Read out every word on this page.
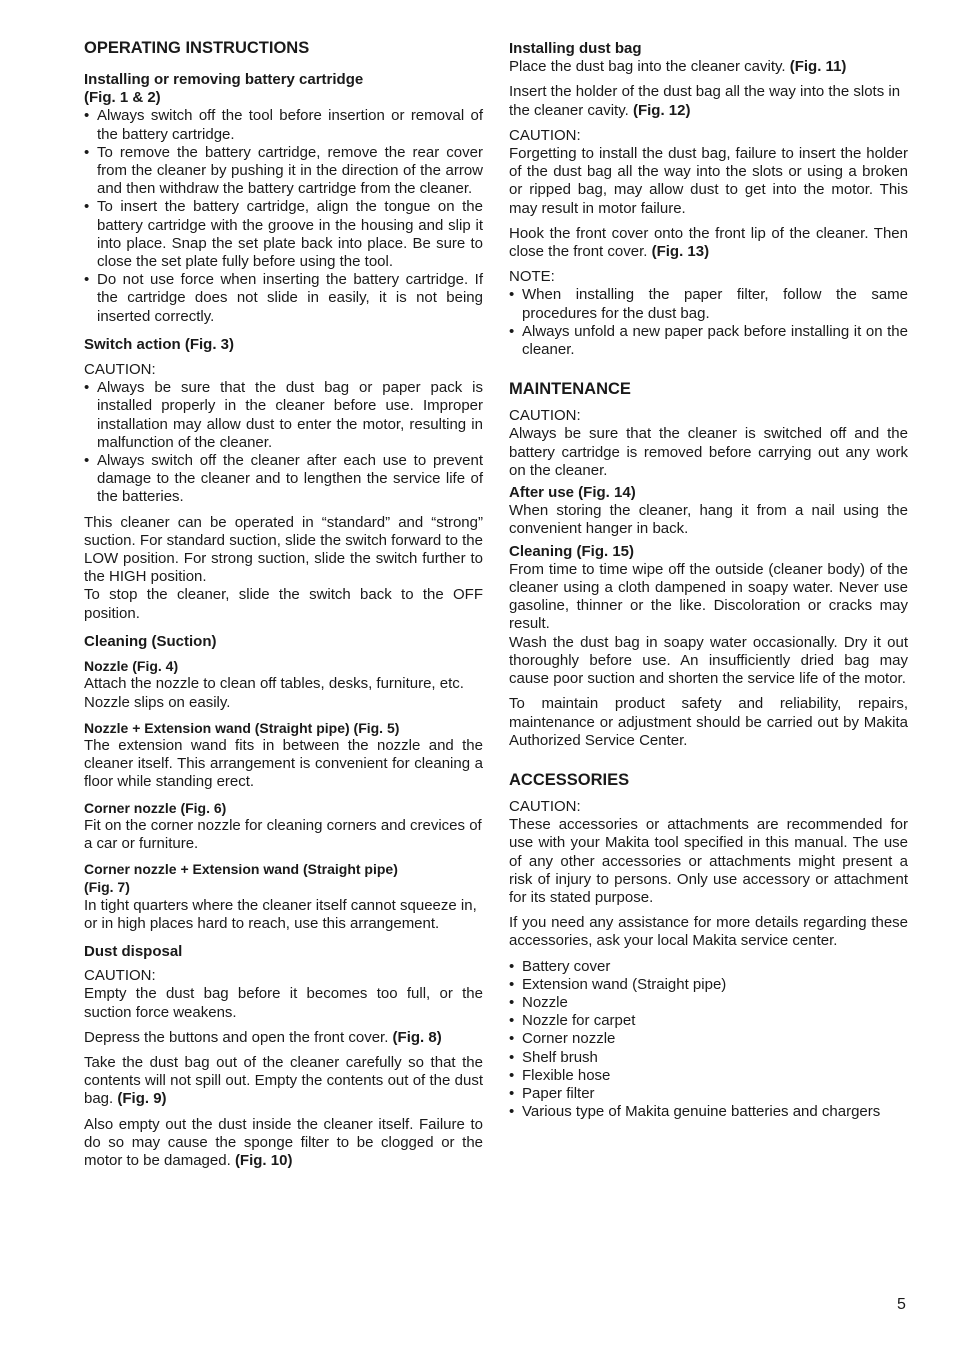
OPERATING INSTRUCTIONS
Installing or removing battery cartridge
(Fig. 1 & 2)
• Always switch off the tool before insertion or removal of the battery cartridge.
• To remove the battery cartridge, remove the rear cover from the cleaner by pushing it in the direction of the arrow and then withdraw the battery cartridge from the cleaner.
• To insert the battery cartridge, align the tongue on the battery cartridge with the groove in the housing and slip it into place. Snap the set plate back into place. Be sure to close the set plate fully before using the tool.
• Do not use force when inserting the battery cartridge. If the cartridge does not slide in easily, it is not being inserted correctly.
Switch action (Fig. 3)
CAUTION:
• Always be sure that the dust bag or paper pack is installed properly in the cleaner before use. Improper installation may allow dust to enter the motor, resulting in malfunction of the cleaner.
• Always switch off the cleaner after each use to prevent damage to the cleaner and to lengthen the service life of the batteries.
This cleaner can be operated in “standard” and “strong” suction. For standard suction, slide the switch forward to the LOW position. For strong suction, slide the switch further to the HIGH position.
To stop the cleaner, slide the switch back to the OFF position.
Cleaning (Suction)
Nozzle (Fig. 4)
Attach the nozzle to clean off tables, desks, furniture, etc. Nozzle slips on easily.
Nozzle + Extension wand (Straight pipe) (Fig. 5)
The extension wand fits in between the nozzle and the cleaner itself. This arrangement is convenient for cleaning a floor while standing erect.
Corner nozzle (Fig. 6)
Fit on the corner nozzle for cleaning corners and crevices of a car or furniture.
Corner nozzle + Extension wand (Straight pipe)
(Fig. 7)
In tight quarters where the cleaner itself cannot squeeze in, or in high places hard to reach, use this arrangement.
Dust disposal
CAUTION:
Empty the dust bag before it becomes too full, or the suction force weakens.
Depress the buttons and open the front cover. (Fig. 8)
Take the dust bag out of the cleaner carefully so that the contents will not spill out. Empty the contents out of the dust bag. (Fig. 9)
Also empty out the dust inside the cleaner itself. Failure to do so may cause the sponge filter to be clogged or the motor to be damaged. (Fig. 10)
Installing dust bag
Place the dust bag into the cleaner cavity. (Fig. 11)
Insert the holder of the dust bag all the way into the slots in the cleaner cavity. (Fig. 12)
CAUTION:
Forgetting to install the dust bag, failure to insert the holder of the dust bag all the way into the slots or using a broken or ripped bag, may allow dust to get into the motor. This may result in motor failure.
Hook the front cover onto the front lip of the cleaner. Then close the front cover. (Fig. 13)
NOTE:
• When installing the paper filter, follow the same procedures for the dust bag.
• Always unfold a new paper pack before installing it on the cleaner.
MAINTENANCE
CAUTION:
Always be sure that the cleaner is switched off and the battery cartridge is removed before carrying out any work on the cleaner.
After use (Fig. 14)
When storing the cleaner, hang it from a nail using the convenient hanger in back.
Cleaning (Fig. 15)
From time to time wipe off the outside (cleaner body) of the cleaner using a cloth dampened in soapy water. Never use gasoline, thinner or the like. Discoloration or cracks may result.
Wash the dust bag in soapy water occasionally. Dry it out thoroughly before use. An insufficiently dried bag may cause poor suction and shorten the service life of the motor.
To maintain product safety and reliability, repairs, maintenance or adjustment should be carried out by Makita Authorized Service Center.
ACCESSORIES
CAUTION:
These accessories or attachments are recommended for use with your Makita tool specified in this manual. The use of any other accessories or attachments might present a risk of injury to persons. Only use accessory or attachment for its stated purpose.
If you need any assistance for more details regarding these accessories, ask your local Makita service center.
• Battery cover
• Extension wand (Straight pipe)
• Nozzle
• Nozzle for carpet
• Corner nozzle
• Shelf brush
• Flexible hose
• Paper filter
• Various type of Makita genuine batteries and chargers
5
